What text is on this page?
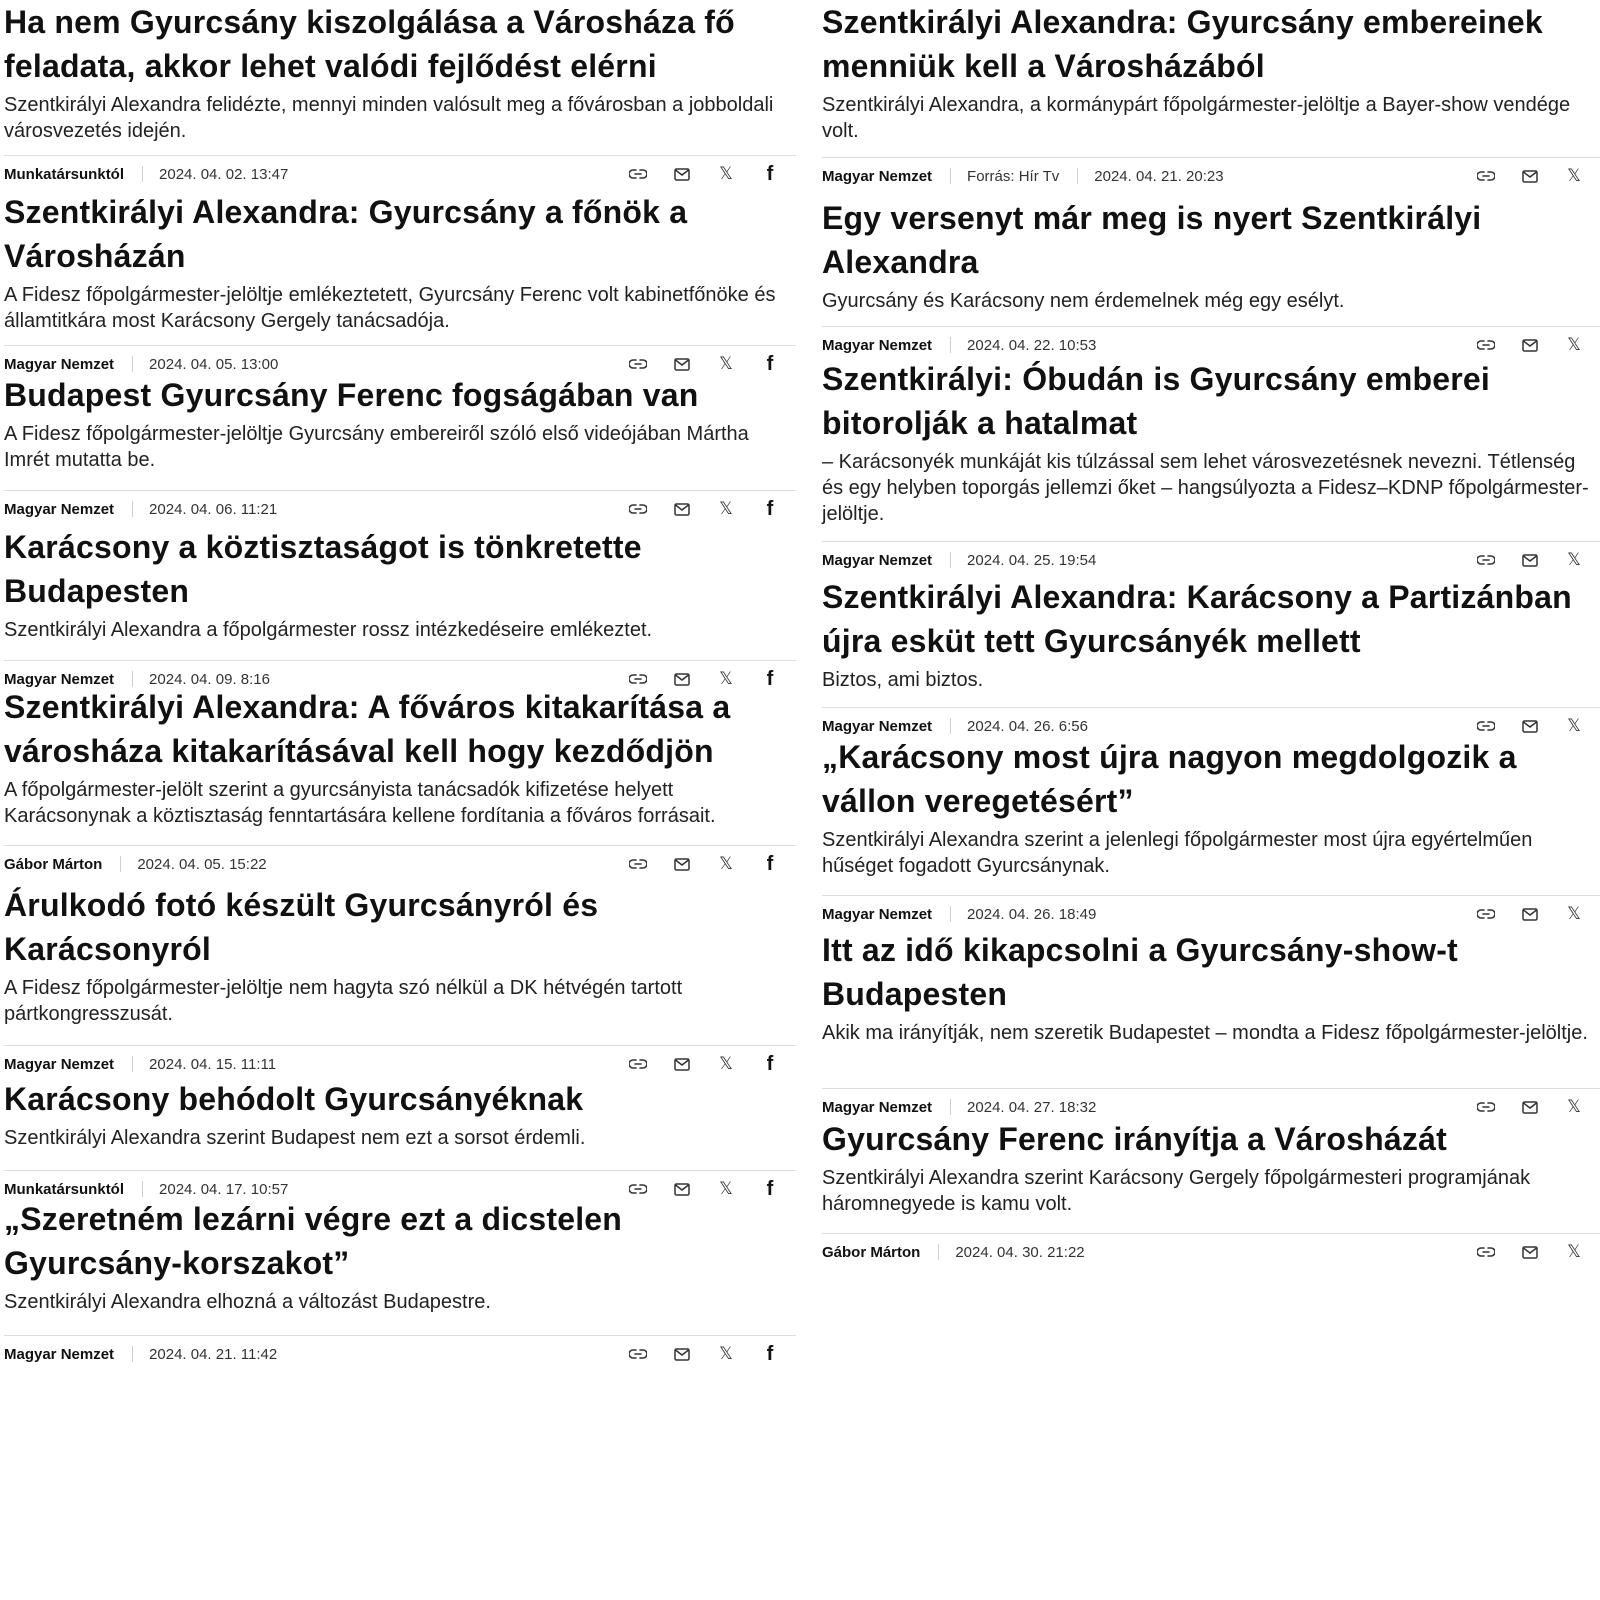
Ha nem Gyurcsány kiszolgálása a Városháza fő feladata, akkor lehet valódi fejlődést elérni

Szentkirályi Alexandra felidézte, mennyi minden valósult meg a fővárosban a jobboldali városvezetés idején.

Munkatársunktól 2024. 04. 02. 13:47	𝕏	f
Szentkirályi Alexandra: Gyurcsány a főnök a Városházán

A Fidesz főpolgármester-jelöltje emlékeztetett, Gyurcsány Ferenc volt kabinetfőnöke és államtitkára most Karácsony Gergely tanácsadója.

Magyar Nemzet 2024. 04. 05. 13:00	𝕏	f
Budapest Gyurcsány Ferenc fogságában van

A Fidesz főpolgármester-jelöltje Gyurcsány embereiről szóló első videójában Mártha Imrét mutatta be.

Magyar Nemzet 2024. 04. 06. 11:21	𝕏	f
Karácsony a köztisztaságot is tönkretette Budapesten

Szentkirályi Alexandra a főpolgármester rossz intézkedéseire emlékeztet.

Magyar Nemzet 2024. 04. 09. 8:16	𝕏	f
Szentkirályi Alexandra: A főváros kitakarítása a városháza kitakarításával kell hogy kezdődjön

A főpolgármester-jelölt szerint a gyurcsányista tanácsadók kifizetése helyett Karácsonynak a köztisztaság fenntartására kellene fordítania a főváros forrásait.

Gábor Márton 2024. 04. 05. 15:22	𝕏	f
Árulkodó fotó készült Gyurcsányról és Karácsonyról

A Fidesz főpolgármester-jelöltje nem hagyta szó nélkül a DK hétvégén tartott pártkongresszusát.

Magyar Nemzet 2024. 04. 15. 11:11	𝕏	f
Karácsony behódolt Gyurcsányéknak

Szentkirályi Alexandra szerint Budapest nem ezt a sorsot érdemli.

Munkatársunktól 2024. 04. 17. 10:57	𝕏	f
„Szeretném lezárni végre ezt a dicstelen Gyurcsány-korszakot”

Szentkirályi Alexandra elhozná a változást Budapestre.

Magyar Nemzet 2024. 04. 21. 11:42	𝕏	f
Szentkirályi Alexandra: Gyurcsány embereinek menniük kell a Városházából

Szentkirályi Alexandra, a kormánypárt főpolgármester-jelöltje a Bayer-show vendége volt.

Magyar Nemzet Forrás: Hír Tv 2024. 04. 21. 20:23	𝕏
Egy versenyt már meg is nyert Szentkirályi Alexandra

Gyurcsány és Karácsony nem érdemelnek még egy esélyt.

Magyar Nemzet 2024. 04. 22. 10:53	𝕏
Szentkirályi: Óbudán is Gyurcsány emberei bitorolják a hatalmat

– Karácsonyék munkáját kis túlzással sem lehet városvezetésnek nevezni. Tétlenség és egy helyben toporgás jellemzi őket – hangsúlyozta a Fidesz–KDNP főpolgármester-jelöltje.

Magyar Nemzet 2024. 04. 25. 19:54	𝕏
Szentkirályi Alexandra: Karácsony a Partizánban újra esküt tett Gyurcsányék mellett

Biztos, ami biztos.

Magyar Nemzet 2024. 04. 26. 6:56	𝕏
„Karácsony most újra nagyon megdolgozik a vállon veregetésért”

Szentkirályi Alexandra szerint a jelenlegi főpolgármester most újra egyértelműen hűséget fogadott Gyurcsánynak.

Magyar Nemzet 2024. 04. 26. 18:49	𝕏
Itt az idő kikapcsolni a Gyurcsány-show-t Budapesten

Akik ma irányítják, nem szeretik Budapestet – mondta a Fidesz főpolgármester-jelöltje.

Magyar Nemzet 2024. 04. 27. 18:32	𝕏
Gyurcsány Ferenc irányítja a Városházát

Szentkirályi Alexandra szerint Karácsony Gergely főpolgármesteri programjának háromnegyede is kamu volt.

Gábor Márton 2024. 04. 30. 21:22	𝕏
